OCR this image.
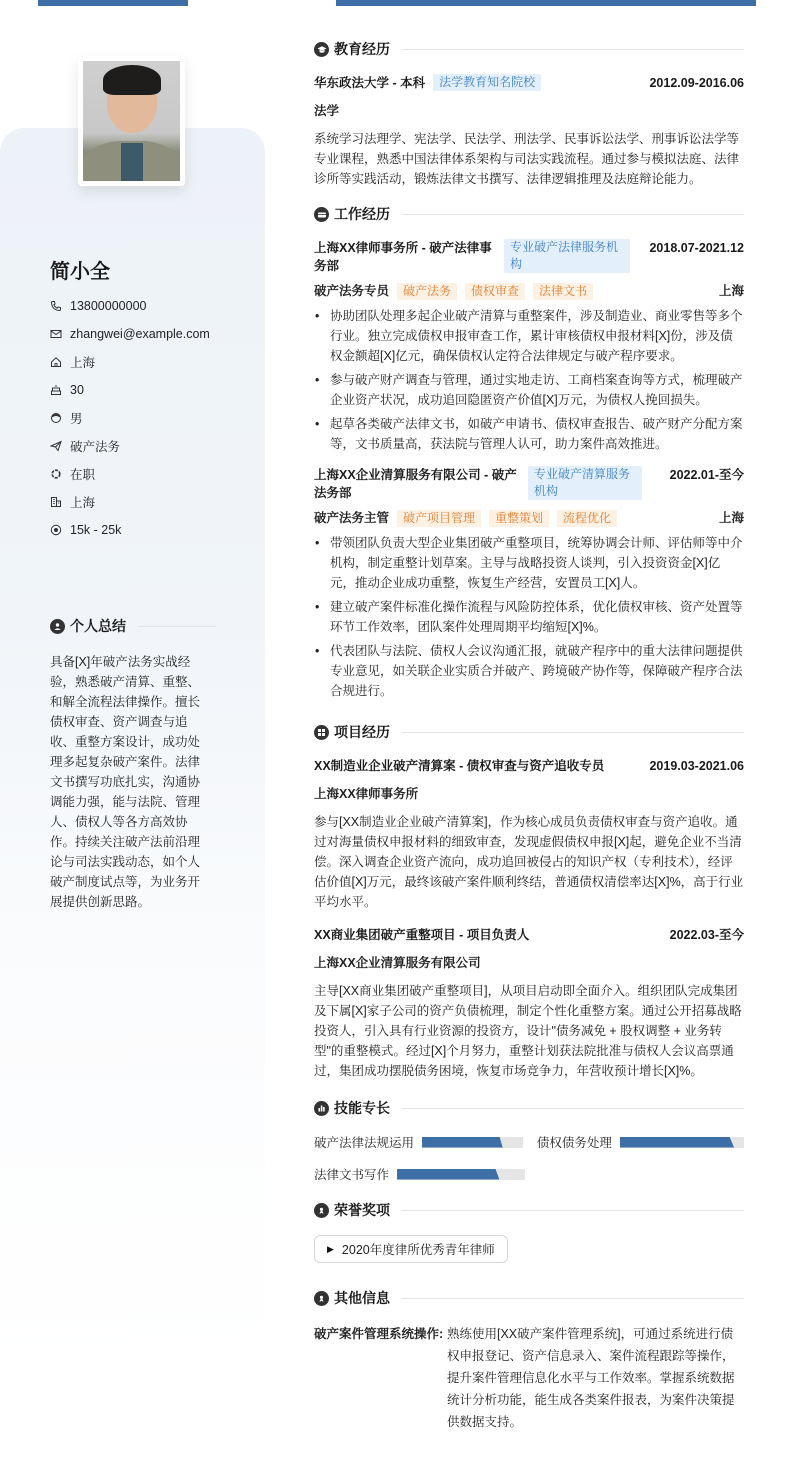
简小全
13800000000
zhangwei@example.com
上海
30
男
破产法务
在职
上海
15k - 25k
个人总结
具备[X]年破产法务实战经验，熟悉破产清算、重整、和解全流程法律操作。擅长债权审查、资产调查与追收、重整方案设计，成功处理多起复杂破产案件。法律文书撰写功底扎实，沟通协调能力强，能与法院、管理人、债权人等各方高效协作。持续关注破产法前沿理论与司法实践动态，如个人破产制度试点等，为业务开展提供创新思路。
教育经历
华东政法大学 - 本科	法学教育知名院校	2012.09-2016.06
法学
系统学习法理学、宪法学、民法学、刑法学、民事诉讼法学、刑事诉讼法学等专业课程，熟悉中国法律体系架构与司法实践流程。通过参与模拟法庭、法律诊所等实践活动，锻炼法律文书撰写、法律逻辑推理及法庭辩论能力。
工作经历
上海XX律师事务所 - 破产法律事务部
专业破产法律服务机构
2018.07-2021.12
破产法务专员	破产法务	债权审查	法律文书	上海
• 协助团队处理多起企业破产清算与重整案件，涉及制造业、商业零售等多个行业。独立完成债权申报审查工作，累计审核债权申报材料[X]份，涉及债权金额超[X]亿元，确保债权认定符合法律规定与破产程序要求。
• 参与破产财产调查与管理，通过实地走访、工商档案查询等方式，梳理破产企业资产状况，成功追回隐匿资产价值[X]万元，为债权人挽回损失。
• 起草各类破产法律文书，如破产申请书、债权审查报告、破产财产分配方案等，文书质量高，获法院与管理人认可，助力案件高效推进。
上海XX企业清算服务有限公司 - 破产法务部
专业破产清算服务机构
2022.01-至今
破产法务主管	破产项目管理	重整策划	流程优化	上海
• 带领团队负责大型企业集团破产重整项目，统筹协调会计师、评估师等中介机构，制定重整计划草案。主导与战略投资人谈判，引入投资资金[X]亿元，推动企业成功重整，恢复生产经营，安置员工[X]人。
• 建立破产案件标准化操作流程与风险防控体系，优化债权审核、资产处置等环节工作效率，团队案件处理周期平均缩短[X]%。
• 代表团队与法院、债权人会议沟通汇报，就破产程序中的重大法律问题提供专业意见，如关联企业实质合并破产、跨境破产协作等，保障破产程序合法合规进行。
项目经历
XX制造业企业破产清算案 - 债权审查与资产追收专员	2019.03-2021.06
上海XX律师事务所
参与[XX制造业企业破产清算案]，作为核心成员负责债权审查与资产追收。通过对海量债权申报材料的细致审查，发现虚假债权申报[X]起，避免企业不当清偿。深入调查企业资产流向，成功追回被侵占的知识产权（专利技术），经评估价值[X]万元，最终该破产案件顺利终结，普通债权清偿率达[X]%，高于行业平均水平。
XX商业集团破产重整项目 - 项目负责人	2022.03-至今
上海XX企业清算服务有限公司
主导[XX商业集团破产重整项目]，从项目启动即全面介入。组织团队完成集团及下属[X]家子公司的资产负债梳理，制定个性化重整方案。通过公开招募战略投资人，引入具有行业资源的投资方，设计"债务减免 + 股权调整 + 业务转型"的重整模式。经过[X]个月努力，重整计划获法院批准与债权人会议高票通过，集团成功摆脱债务困境，恢复市场竞争力，年营收预计增长[X]%。
技能专长
破产法律法规运用	债权债务处理
法律文书写作
荣誉奖项
▶ 2020年度律所优秀青年律师
其他信息
破产案件管理系统操作: 熟练使用[XX破产案件管理系统]，可通过系统进行债权申报登记、资产信息录入、案件流程跟踪等操作，提升案件管理信息化水平与工作效率。掌握系统数据统计分析功能，能生成各类案件报表，为案件决策提供数据支持。
